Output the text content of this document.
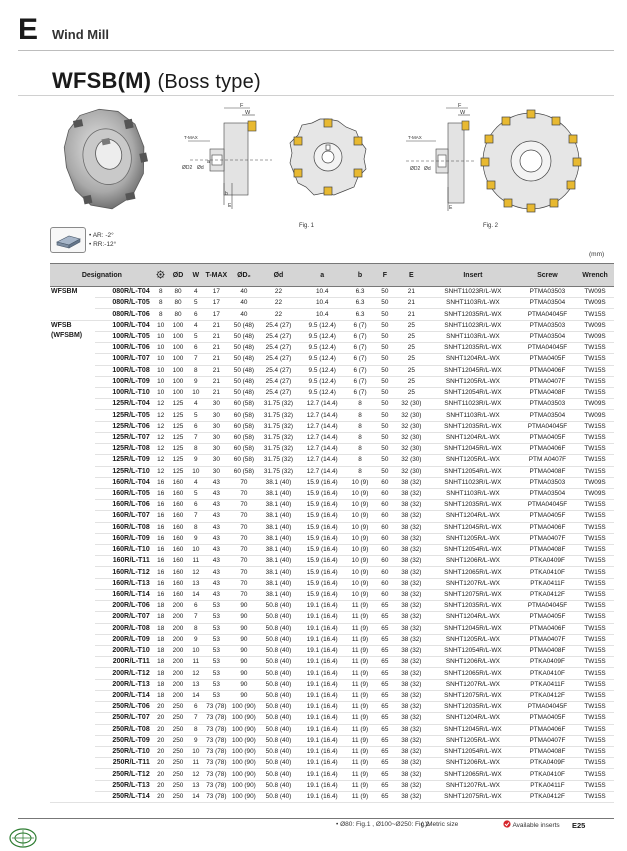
E Wind Mill
WFSB(M) (Boss type)
F
W
T-MAX
ØD2 Ød
a
b
E
Fig. 1
F
W
T-MAX
ØD2 Ød
E
Fig. 2
• AR: -2°
• RR:-12°
(mm)
Designation			ØD	W	T-MAX	ØD₂	Ød	a	b	F	E	Insert	Screw	Wrench

WFSBM	080R/L-T04	8	80	4	17	40	22	10.4	6.3	50	21	SNHT11023R/L-WX	PTMA03503	TW09S
	080R/L-T05	8	80	5	17	40	22	10.4	6.3	50	21	SNHT1103R/L-WX	PTMA03504	TW09S
	080R/L-T06	8	80	6	17	40	22	10.4	6.3	50	21	SNHT12035R/L-WX	PTMA04045F	TW15S

WFSB
(WFSBM)	100R/L-T04	10	100	4	21	50 (48)	25.4 (27)	9.5 (12.4)	6 (7)	50	25	SNHT11023R/L-WX	PTMA03503	TW09S
	100R/L-T05	10	100	5	21	50 (48)	25.4 (27)	9.5 (12.4)	6 (7)	50	25	SNHT1103R/L-WX	PTMA03504	TW09S
	100R/L-T06	10	100	6	21	50 (48)	25.4 (27)	9.5 (12.4)	6 (7)	50	25	SNHT12035R/L-WX	PTMA04045F	TW15S
	100R/L-T07	10	100	7	21	50 (48)	25.4 (27)	9.5 (12.4)	6 (7)	50	25	SNHT1204R/L-WX	PTMA0405F	TW15S
	100R/L-T08	10	100	8	21	50 (48)	25.4 (27)	9.5 (12.4)	6 (7)	50	25	SNHT12045R/L-WX	PTMA0406F	TW15S
	100R/L-T09	10	100	9	21	50 (48)	25.4 (27)	9.5 (12.4)	6 (7)	50	25	SNHT1205R/L-WX	PTMA0407F	TW15S
	100R/L-T10	10	100	10	21	50 (48)	25.4 (27)	9.5 (12.4)	6 (7)	50	25	SNHT12054R/L-WX	PTMA0408F	TW15S
	125R/L-T04	12	125	4	30	60 (58)	31.75 (32)	12.7 (14.4)	8	50	32 (30)	SNHT11023R/L-WX	PTMA03503	TW09S
	125R/L-T05	12	125	5	30	60 (58)	31.75 (32)	12.7 (14.4)	8	50	32 (30)	SNHT1103R/L-WX	PTMA03504	TW09S
	125R/L-T06	12	125	6	30	60 (58)	31.75 (32)	12.7 (14.4)	8	50	32 (30)	SNHT12035R/L-WX	PTMA04045F	TW15S
	125R/L-T07	12	125	7	30	60 (58)	31.75 (32)	12.7 (14.4)	8	50	32 (30)	SNHT1204R/L-WX	PTMA0405F	TW15S
	125R/L-T08	12	125	8	30	60 (58)	31.75 (32)	12.7 (14.4)	8	50	32 (30)	SNHT12045R/L-WX	PTMA0406F	TW15S
	125R/L-T09	12	125	9	30	60 (58)	31.75 (32)	12.7 (14.4)	8	50	32 (30)	SNHT1205R/L-WX	PTM A0407F	TW15S
	125R/L-T10	12	125	10	30	60 (58)	31.75 (32)	12.7 (14.4)	8	50	32 (30)	SNHT12054R/L-WX	PTMA0408F	TW15S
	160R/L-T04	16	160	4	43	70	38.1 (40)	15.9 (16.4)	10 (9)	60	38 (32)	SNHT11023R/L-WX	PTMA03503	TW09S
	160R/L-T05	16	160	5	43	70	38.1 (40)	15.9 (16.4)	10 (9)	60	38 (32)	SNHT1103R/L-WX	PTMA03504	TW09S
	160R/L-T06	16	160	6	43	70	38.1 (40)	15.9 (16.4)	10 (9)	60	38 (32)	SNHT12035R/L-WX	PTMA04045F	TW15S
	160R/L-T07	16	160	7	43	70	38.1 (40)	15.9 (16.4)	10 (9)	60	38 (32)	SNHT1204R/L-WX	PTMA0405F	TW15S
	160R/L-T08	16	160	8	43	70	38.1 (40)	15.9 (16.4)	10 (9)	60	38 (32)	SNHT12045R/L-WX	PTMA0406F	TW15S
	160R/L-T09	16	160	9	43	70	38.1 (40)	15.9 (16.4)	10 (9)	60	38 (32)	SNHT1205R/L-WX	PTMA0407F	TW15S
	160R/L-T10	16	160	10	43	70	38.1 (40)	15.9 (16.4)	10 (9)	60	38 (32)	SNHT12054R/L-WX	PTMA0408F	TW15S
	160R/L-T11	16	160	11	43	70	38.1 (40)	15.9 (16.4)	10 (9)	60	38 (32)	SNHT1206R/L-WX	PTKA0409F	TW15S
	160R/L-T12	16	160	12	43	70	38.1 (40)	15.9 (16.4)	10 (9)	60	38 (32)	SNHT12065R/L-WX	PTKA0410F	TW15S
	160R/L-T13	16	160	13	43	70	38.1 (40)	15.9 (16.4)	10 (9)	60	38 (32)	SNHT1207R/L-WX	PTKA0411F	TW15S
	160R/L-T14	16	160	14	43	70	38.1 (40)	15.9 (16.4)	10 (9)	60	38 (32)	SNHT12075R/L-WX	PTKA0412F	TW15S
	200R/L-T06	18	200	6	53	90	50.8 (40)	19.1 (16.4)	11 (9)	65	38 (32)	SNHT12035R/L-WX	PTMA04045F	TW15S
	200R/L-T07	18	200	7	53	90	50.8 (40)	19.1 (16.4)	11 (9)	65	38 (32)	SNHT1204R/L-WX	PTMA0405F	TW15S
	200R/L-T08	18	200	8	53	90	50.8 (40)	19.1 (16.4)	11 (9)	65	38 (32)	SNHT12045R/L-WX	PTMA0406F	TW15S
	200R/L-T09	18	200	9	53	90	50.8 (40)	19.1 (16.4)	11 (9)	65	38 (32)	SNHT1205R/L-WX	PTMA0407F	TW15S
	200R/L-T10	18	200	10	53	90	50.8 (40)	19.1 (16.4)	11 (9)	65	38 (32)	SNHT12054R/L-WX	PTMA0408F	TW15S
	200R/L-T11	18	200	11	53	90	50.8 (40)	19.1 (16.4)	11 (9)	65	38 (32)	SNHT1206R/L-WX	PTKA0409F	TW15S
	200R/L-T12	18	200	12	53	90	50.8 (40)	19.1 (16.4)	11 (9)	65	38 (32)	SNHT12065R/L-WX	PTKA0410F	TW15S
	200R/L-T13	18	200	13	53	90	50.8 (40)	19.1 (16.4)	11 (9)	65	38 (32)	SNHT1207R/L-WX	PTKA0411F	TW15S
	200R/L-T14	18	200	14	53	90	50.8 (40)	19.1 (16.4)	11 (9)	65	38 (32)	SNHT12075R/L-WX	PTKA0412F	TW15S
	250R/L-T06	20	250	6	73 (78)	100 (90)	50.8 (40)	19.1 (16.4)	11 (9)	65	38 (32)	SNHT12035R/L-WX	PTMA04045F	TW15S
	250R/L-T07	20	250	7	73 (78)	100 (90)	50.8 (40)	19.1 (16.4)	11 (9)	65	38 (32)	SNHT1204R/L-WX	PTMA0405F	TW15S
	250R/L-T08	20	250	8	73 (78)	100 (90)	50.8 (40)	19.1 (16.4)	11 (9)	65	38 (32)	SNHT12045R/L-WX	PTMA0406F	TW15S
	250R/L-T09	20	250	9	73 (78)	100 (90)	50.8 (40)	19.1 (16.4)	11 (9)	65	38 (32)	SNHT1205R/L-WX	PTMA0407F	TW15S
	250R/L-T10	20	250	10	73 (78)	100 (90)	50.8 (40)	19.1 (16.4)	11 (9)	65	38 (32)	SNHT12054R/L-WX	PTMA0408F	TW15S
	250R/L-T11	20	250	11	73 (78)	100 (90)	50.8 (40)	19.1 (16.4)	11 (9)	65	38 (32)	SNHT1206R/L-WX	PTKA0409F	TW15S
	250R/L-T12	20	250	12	73 (78)	100 (90)	50.8 (40)	19.1 (16.4)	11 (9)	65	38 (32)	SNHT12065R/L-WX	PTKA0410F	TW15S
	250R/L-T13	20	250	13	73 (78)	100 (90)	50.8 (40)	19.1 (16.4)	11 (9)	65	38 (32)	SNHT1207R/L-WX	PTKA0411F	TW15S
	250R/L-T14	20	250	14	73 (78)	100 (90)	50.8 (40)	19.1 (16.4)	11 (9)	65	38 (32)	SNHT12075R/L-WX	PTKA0412F	TW15S
• Ø80: Fig.1 , Ø100~Ø250: Fig.2
( )Metric size	Available inserts E25
